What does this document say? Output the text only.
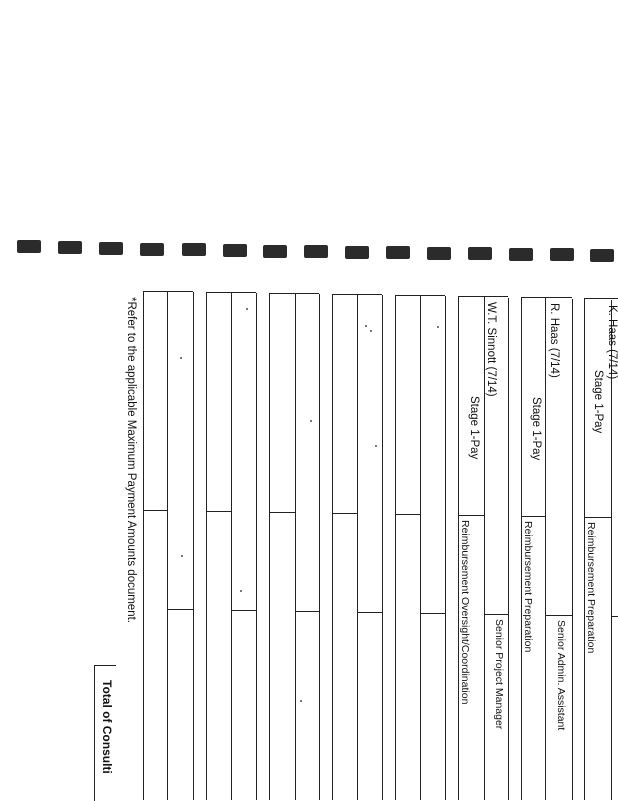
K. Haas (7/14)
Stage 1-Pay
Reimbursement Preparation
R. Haas (7/14)
Stage 1-Pay
Reimbursement Preparation
Senior Admin. Assistant
W.T. Sinnott (7/14)
Stage 1-Pay
Reimbursement Oversight/Coordination Senior Project Manager
*Refer to the applicable Maximum Payment Amounts document.
Total of Consulti
